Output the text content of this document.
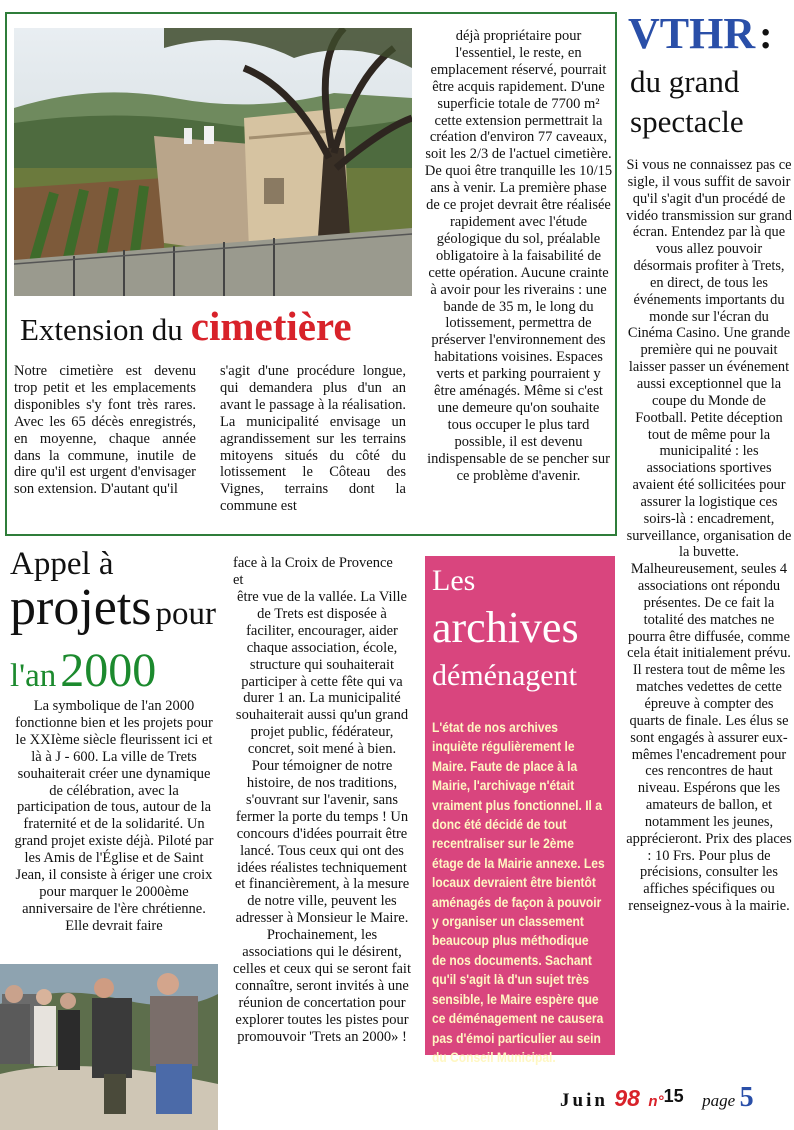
Extension du cimetière
Notre cimetière est devenu trop petit et les emplacements disponibles s'y font très rares. Avec les 65 décès enregistrés, en moyenne, chaque année dans la commune, inutile de dire qu'il est urgent d'envisager son extension. D'autant qu'il
s'agit d'une procédure longue, qui demandera plus d'un an avant le passage à la réalisation. La municipalité envisage un agrandissement sur les terrains mitoyens situés du côté du lotissement le Côteau des Vignes, terrains dont la commune est
déjà propriétaire pour l'essentiel, le reste, en emplacement réservé, pourrait être acquis rapidement. D'une superficie totale de 7700 m² cette extension permettrait la création d'environ 77 caveaux, soit les 2/3 de l'actuel cimetière. De quoi être tranquille les 10/15 ans à venir. La première phase de ce projet devrait être réalisée rapidement avec l'étude géologique du sol, préalable obligatoire à la faisabilité de cette opération. Aucune crainte à avoir pour les riverains : une bande de 35 m, le long du lotissement, permettra de préserver l'environnement des habitations voisines. Espaces verts et parking pourraient y être aménagés. Même si c'est une demeure qu'on souhaite tous occuper le plus tard possible, il est devenu indispensable de se pencher sur ce problème d'avenir.
VTHR :
du grand
spectacle
Si vous ne connaissez pas ce sigle, il vous suffit de savoir qu'il s'agit d'un procédé de vidéo transmission sur grand écran. Entendez par là que vous allez pouvoir désormais profiter à Trets, en direct, de tous les événements importants du monde sur l'écran du Cinéma Casino. Une grande première qui ne pouvait laisser passer un événement aussi exceptionnel que la coupe du Monde de Football. Petite déception tout de même pour la municipalité : les associations sportives avaient été sollicitées pour assurer la logistique ces soirs-là : encadrement, surveillance, organisation de la buvette. Malheureusement, seules 4 associations ont répondu présentes. De ce fait la totalité des matches ne pourra être diffusée, comme cela était initialement prévu. Il restera tout de même les matches vedettes de cette épreuve à compter des quarts de finale. Les élus se sont engagés à assurer eux-mêmes l'encadrement pour ces rencontres de haut niveau. Espérons que les amateurs de ballon, et notamment les jeunes, apprécieront. Prix des places : 10 Frs. Pour plus de précisions, consulter les affiches spécifiques ou renseignez-vous à la mairie.
Appel à
projets pour
l'an 2000
La symbolique de l'an 2000 fonctionne bien et les projets pour le XXIème siècle fleurissent ici et là à J - 600. La ville de Trets souhaiterait créer une dynamique de célébration, avec la participation de tous, autour de la fraternité et de la solidarité. Un grand projet existe déjà. Piloté par les Amis de l'Église et de Saint Jean, il consiste à ériger une croix pour marquer le 2000ème anniversaire de l'ère chrétienne. Elle devrait faire
face à la Croix de Provence
et
être vue de la vallée. La Ville de Trets est disposée à faciliter, encourager, aider chaque association, école, structure qui souhaiterait participer à cette fête qui va durer 1 an. La municipalité souhaiterait aussi qu'un grand projet public, fédérateur, concret, soit mené à bien. Pour témoigner de notre histoire, de nos traditions, s'ouvrant sur l'avenir, sans fermer la porte du temps ! Un concours d'idées pourrait être lancé. Tous ceux qui ont des idées réalistes techniquement et financièrement, à la mesure de notre ville, peuvent les adresser à Monsieur le Maire. Prochainement, les associations qui le désirent, celles et ceux qui se seront fait connaître, seront invités à une réunion de concertation pour explorer toutes les pistes pour promouvoir 'Trets an 2000» !
Les
archives
déménagent
L'état de nos archives inquiète régulièrement le Maire. Faute de place à la Mairie, l'archivage n'était vraiment plus fonctionnel. Il a donc été décidé de tout recentraliser sur le 2ème étage de la Mairie annexe. Les locaux devraient être bientôt aménagés de façon à pouvoir y organiser un classement beaucoup plus méthodique de nos documents. Sachant qu'il s'agit là d'un sujet très sensible, le Maire espère que ce déménagement ne causera pas d'émoi particulier au sein du Conseil Municipal.
Juin 98 n°15 page 5
